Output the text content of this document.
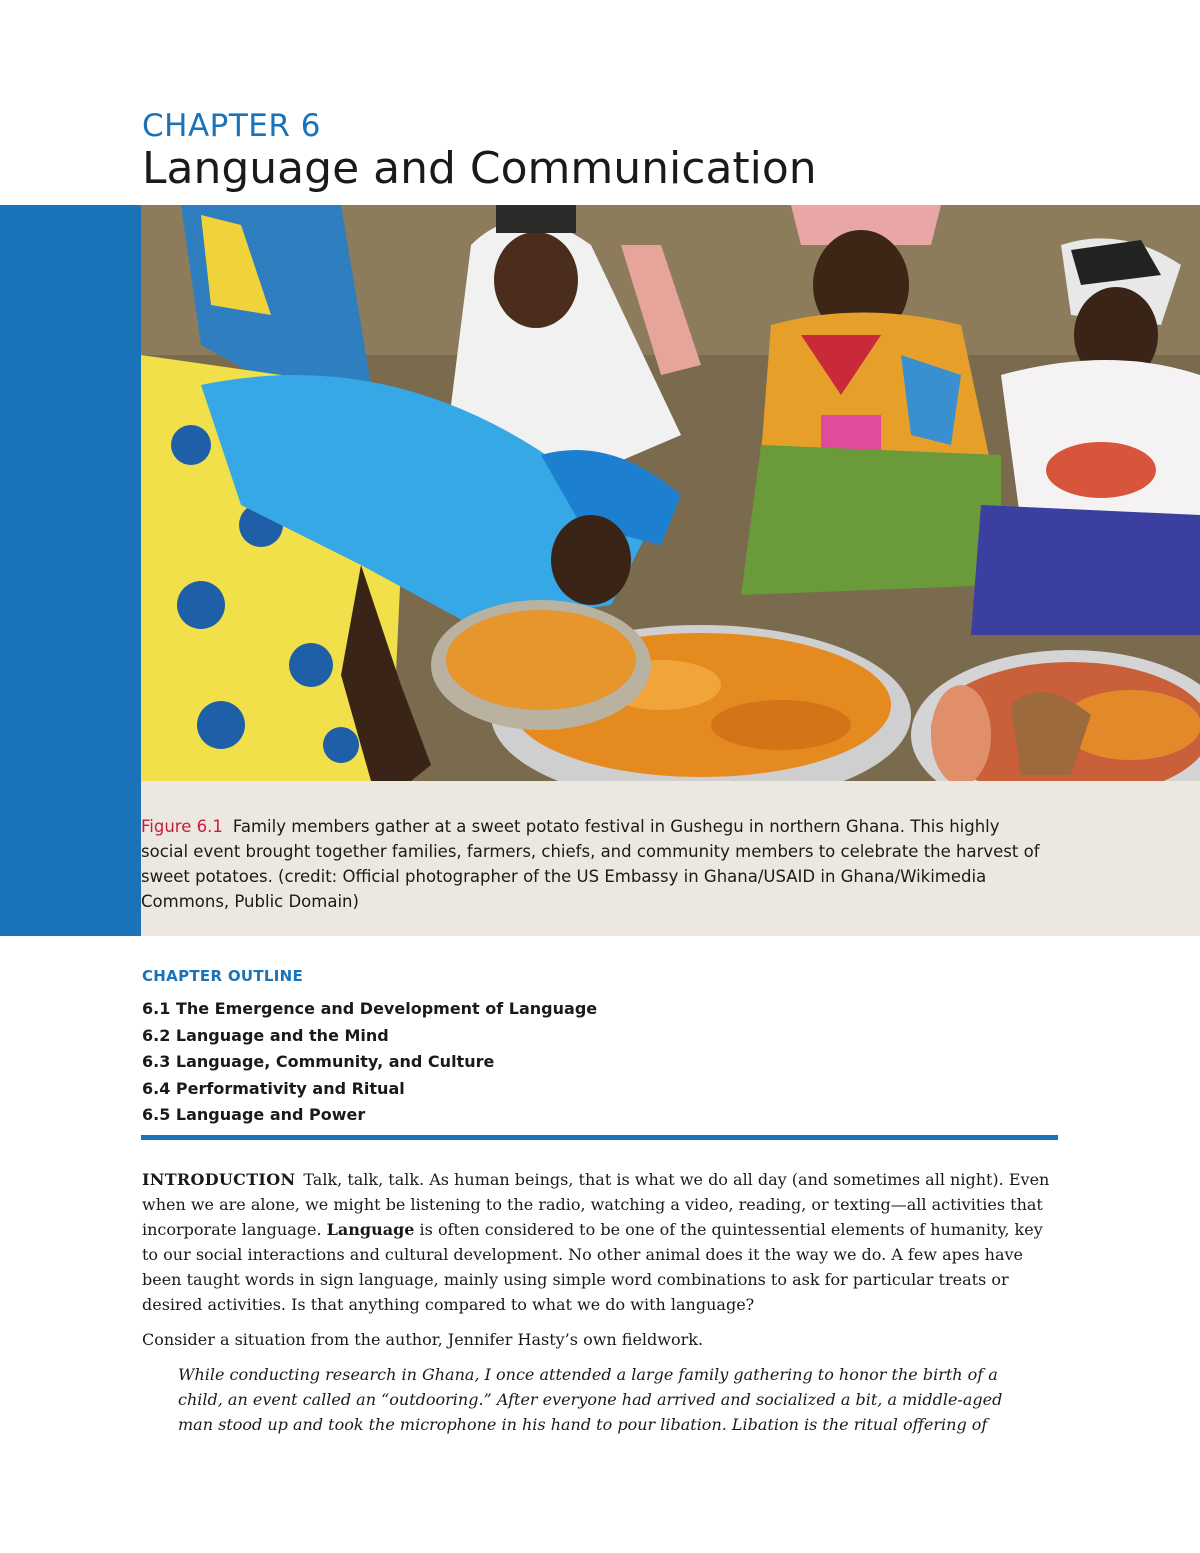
CHAPTER 6
Language and Communication

Figure 6.1 Family members gather at a sweet potato festival in Gushegu in northern Ghana. This highly social event brought together families, farmers, chiefs, and community members to celebrate the harvest of sweet potatoes. (credit: Official photographer of the US Embassy in Ghana/USAID in Ghana/Wikimedia Commons, Public Domain)

CHAPTER OUTLINE
6.1 The Emergence and Development of Language
6.2 Language and the Mind
6.3 Language, Community, and Culture
6.4 Performativity and Ritual
6.5 Language and Power

INTRODUCTION Talk, talk, talk. As human beings, that is what we do all day (and sometimes all night). Even when we are alone, we might be listening to the radio, watching a video, reading, or texting—all activities that incorporate language. Language is often considered to be one of the quintessential elements of humanity, key to our social interactions and cultural development. No other animal does it the way we do. A few apes have been taught words in sign language, mainly using simple word combinations to ask for particular treats or desired activities. Is that anything compared to what we do with language?

Consider a situation from the author, Jennifer Hasty’s own fieldwork.

While conducting research in Ghana, I once attended a large family gathering to honor the birth of a child, an event called an “outdooring.” After everyone had arrived and socialized a bit, a middle-aged man stood up and took the microphone in his hand to pour libation. Libation is the ritual offering of
